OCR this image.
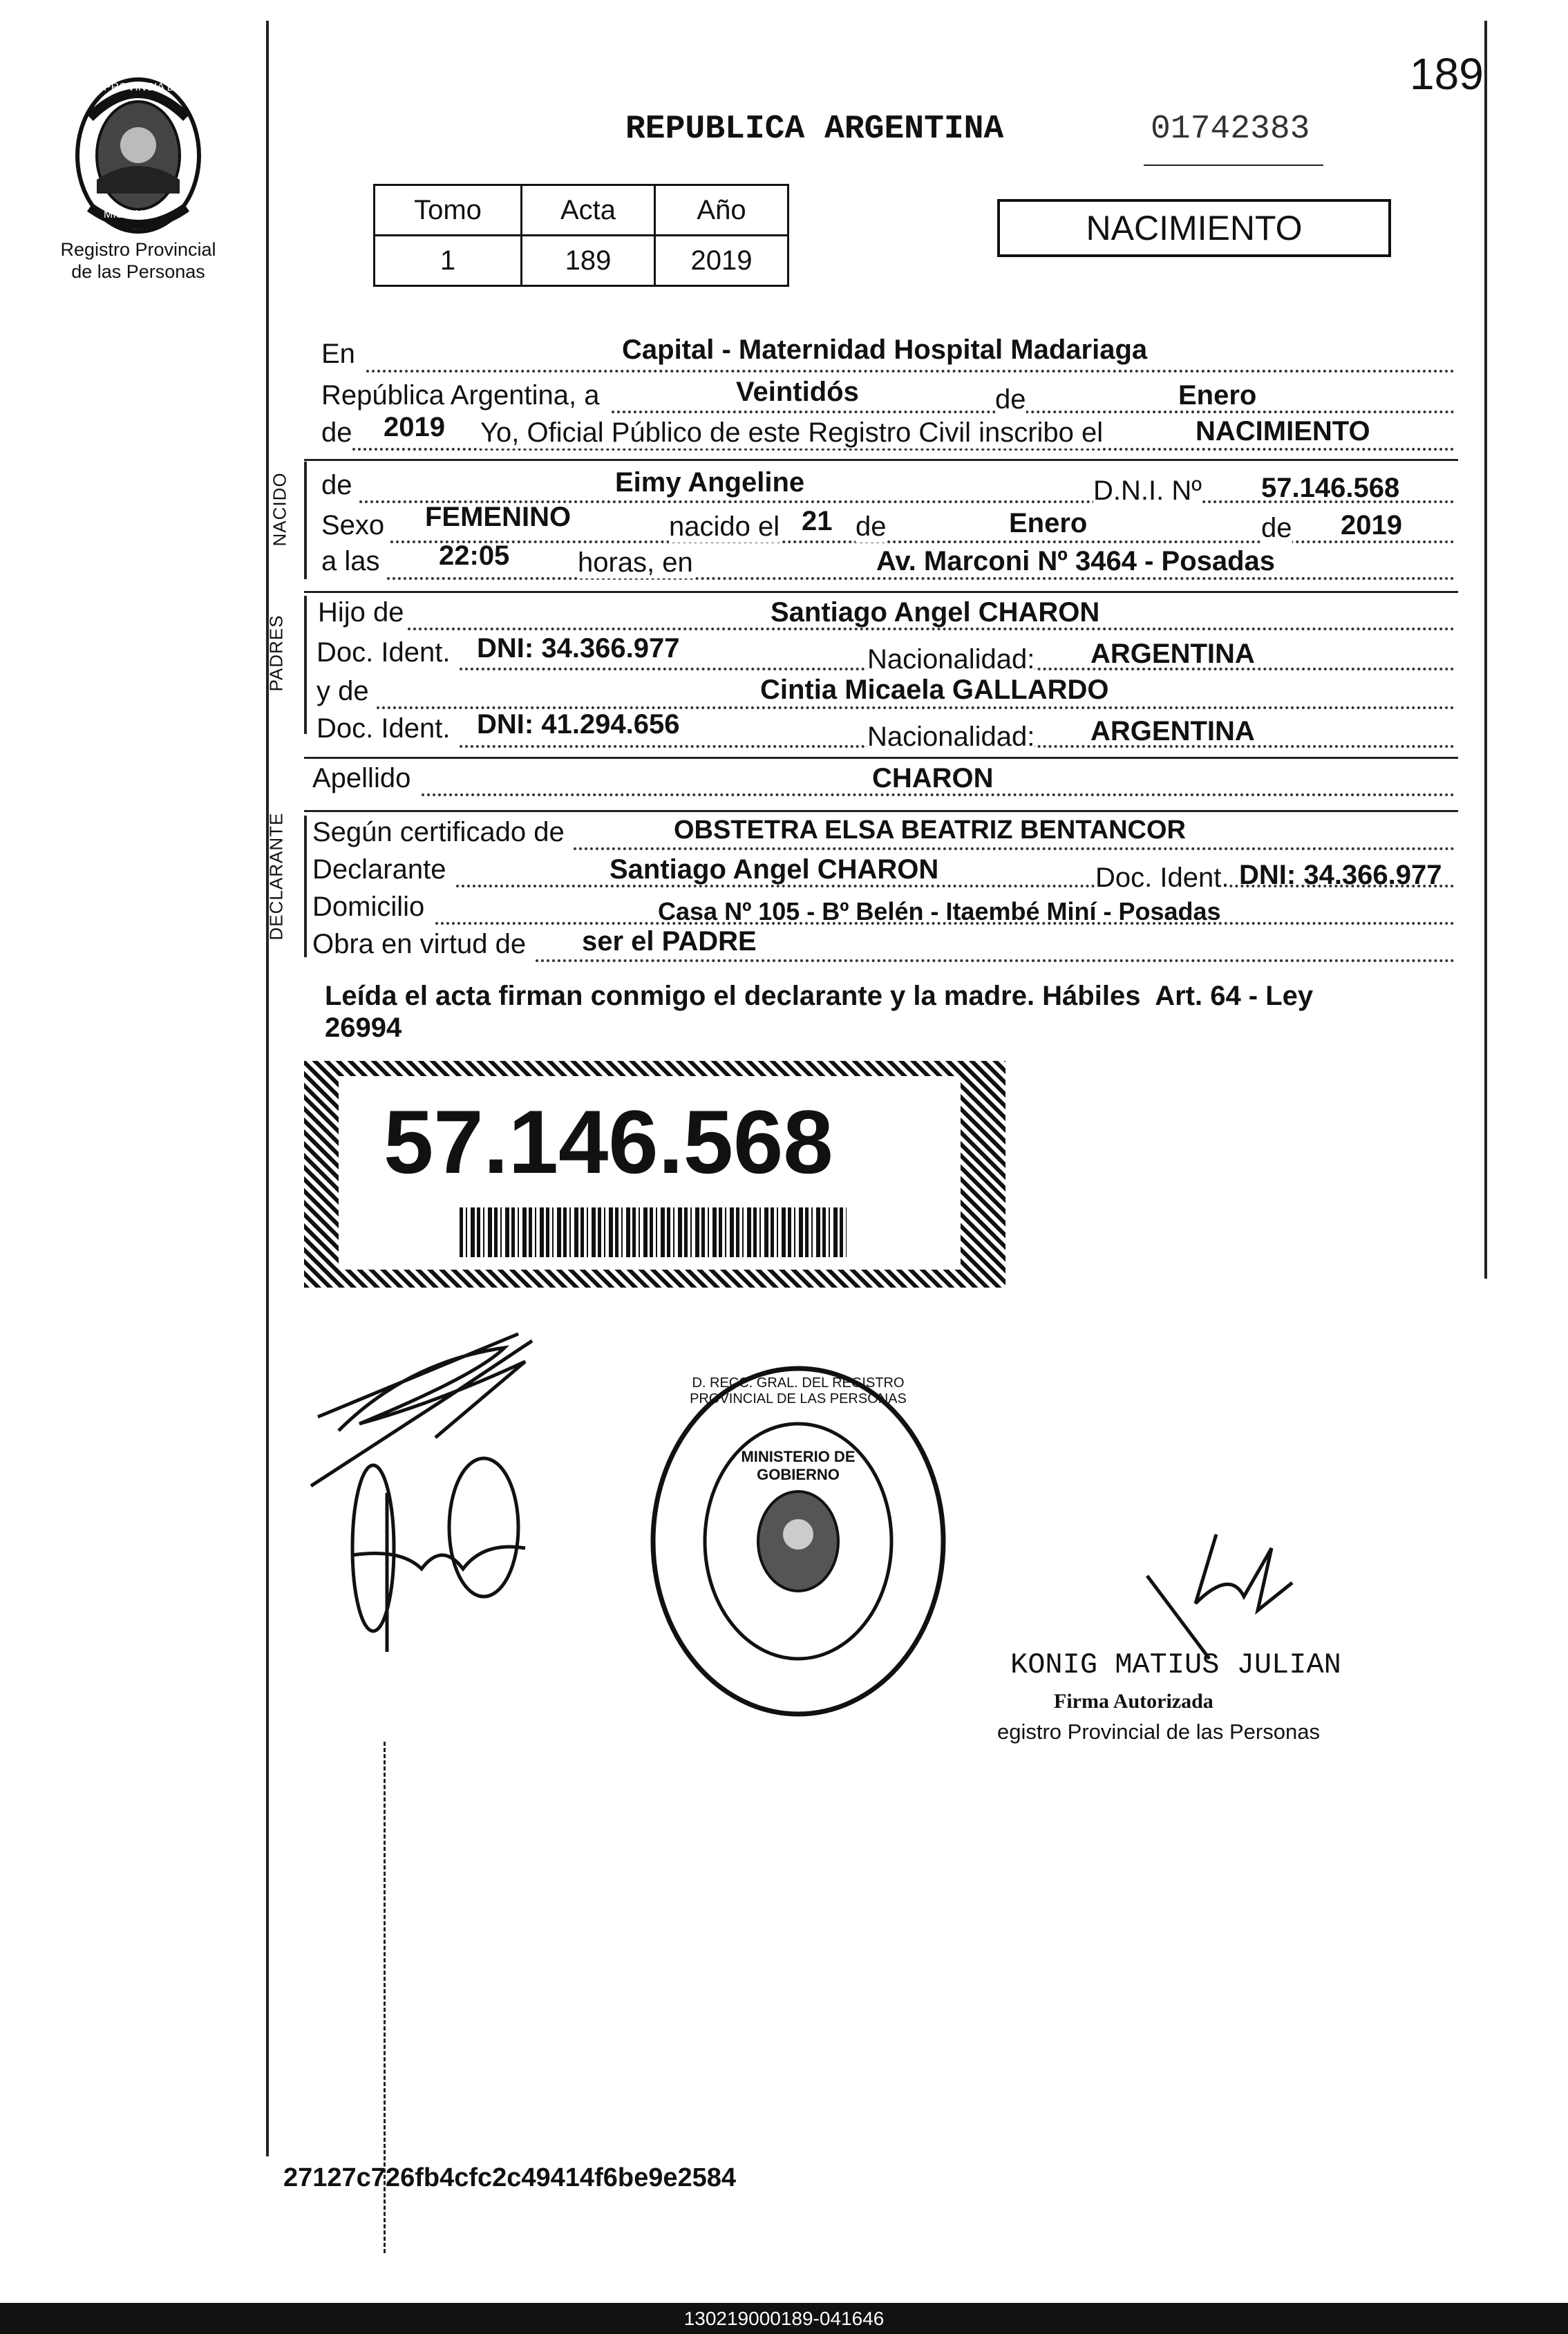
189
PROVINCIA DE
MISIONES
Registro Provincial
de las Personas
REPUBLICA ARGENTINA	01742383
Tomo	Acta	Año
1	189	2019
NACIMIENTO
En	Capital - Maternidad Hospital Madariaga
República Argentina, a	Veintidós	de	Enero
de 2019 Yo, Oficial Público de este Registro Civil inscribo el	NACIMIENTO
NACIDO de	Eimy Angeline	D.N.I. Nº 57.146.568
Sexo FEMENINO	nacido el 21 de	Enero	de 2019
a las 22:05 horas, en	Av. Marconi Nº 3464 - Posadas
PADRES
Hijo de	Santiago Angel CHARON
Doc. Ident. DNI: 34.366.977	Nacionalidad: ARGENTINA
y de	Cintia Micaela GALLARDO
Doc. Ident. DNI: 41.294.656	Nacionalidad: ARGENTINA
Apellido	CHARON
DECLARANTE Según certificado de	OBSTETRA ELSA BEATRIZ BENTANCOR
Declarante	Santiago Angel CHARON	Doc. Ident. DNI: 34.366.977
Domicilio	Casa Nº 105 - Bº Belén - Itaembé Miní - Posadas
Obra en virtud de ser el PADRE
Leída el acta firman conmigo el declarante y la madre. Hábiles  Art. 64 - Ley
26994
57.146.568
D. RECC. GRAL. DEL REGISTRO PROVINCIAL DE LAS PERSONAS
MINISTERIO DE GOBIERNO
KONIG MATIUS JULIAN
Firma Autorizada
egistro Provincial de las Personas
27127c726fb4cfc2c49414f6be9e2584
130219000189-041646
